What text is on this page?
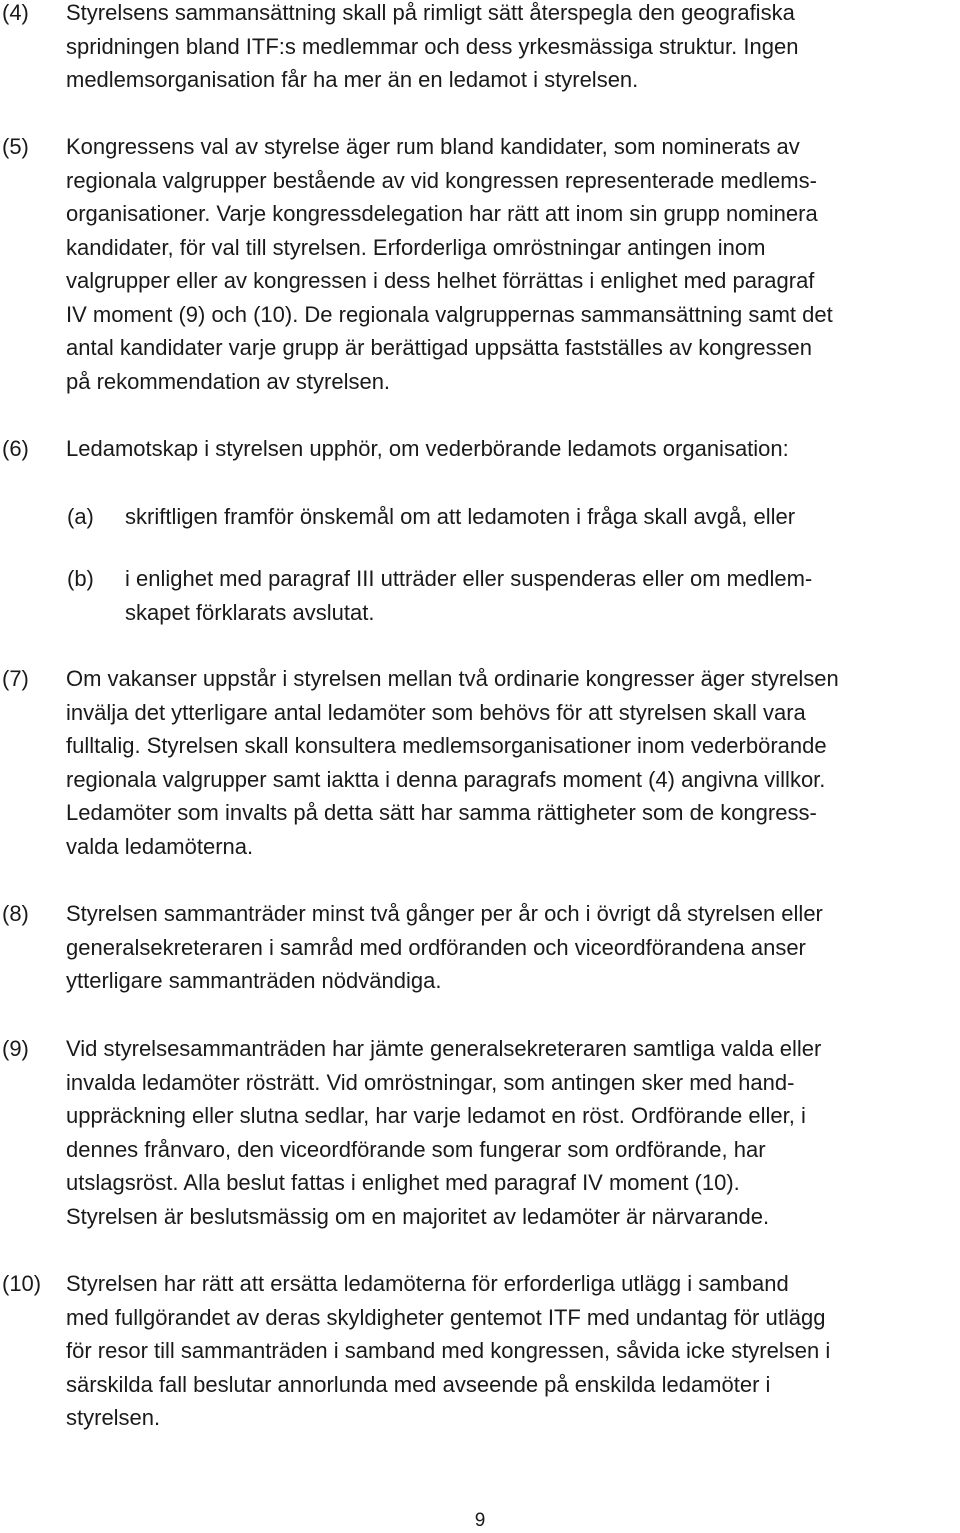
(4) Styrelsens sammansättning skall på rimligt sätt återspegla den geografiska
spridningen bland ITF:s medlemmar och dess yrkesmässiga struktur. Ingen
medlemsorganisation får ha mer än en ledamot i styrelsen.
(5) Kongressens val av styrelse äger rum bland kandidater, som nominerats av
regionala valgrupper bestående av vid kongressen representerade medlems-
organisationer. Varje kongressdelegation har rätt att inom sin grupp nominera
kandidater, för val till styrelsen. Erforderliga omröstningar antingen inom
valgrupper eller av kongressen i dess helhet förrättas i enlighet med paragraf
IV moment (9) och (10). De regionala valgruppernas sammansättning samt det
antal kandidater varje grupp är berättigad uppsätta fastställes av kongressen
på rekommendation av styrelsen.
(6) Ledamotskap i styrelsen upphör, om vederbörande ledamots organisation:
(a) skriftligen framför önskemål om att ledamoten i fråga skall avgå, eller
(b) i enlighet med paragraf III utträder eller suspenderas eller om medlem-
skapet förklarats avslutat.
(7) Om vakanser uppstår i styrelsen mellan två ordinarie kongresser äger styrelsen
invälja det ytterligare antal ledamöter som behövs för att styrelsen skall vara
fulltalig. Styrelsen skall konsultera medlemsorganisationer inom vederbörande
regionala valgrupper samt iaktta i denna paragrafs moment (4) angivna villkor.
Ledamöter som invalts på detta sätt har samma rättigheter som de kongress-
valda ledamöterna.
(8) Styrelsen sammanträder minst två gånger per år och i övrigt då styrelsen eller
generalsekreteraren i samråd med ordföranden och viceordförandena anser
ytterligare sammanträden nödvändiga.
(9) Vid styrelsesammanträden har jämte generalsekreteraren samtliga valda eller
invalda ledamöter rösträtt. Vid omröstningar, som antingen sker med hand-
uppräckning eller slutna sedlar, har varje ledamot en röst. Ordförande eller, i
dennes frånvaro, den viceordförande som fungerar som ordförande, har
utslagsröst. Alla beslut fattas i enlighet med paragraf IV moment (10).
Styrelsen är beslutsmässig om en majoritet av ledamöter är närvarande.
(10) Styrelsen har rätt att ersätta ledamöterna för erforderliga utlägg i samband
med fullgörandet av deras skyldigheter gentemot ITF med undantag för utlägg
för resor till sammanträden i samband med kongressen, såvida icke styrelsen i
särskilda fall beslutar annorlunda med avseende på enskilda ledamöter i
styrelsen.
9
